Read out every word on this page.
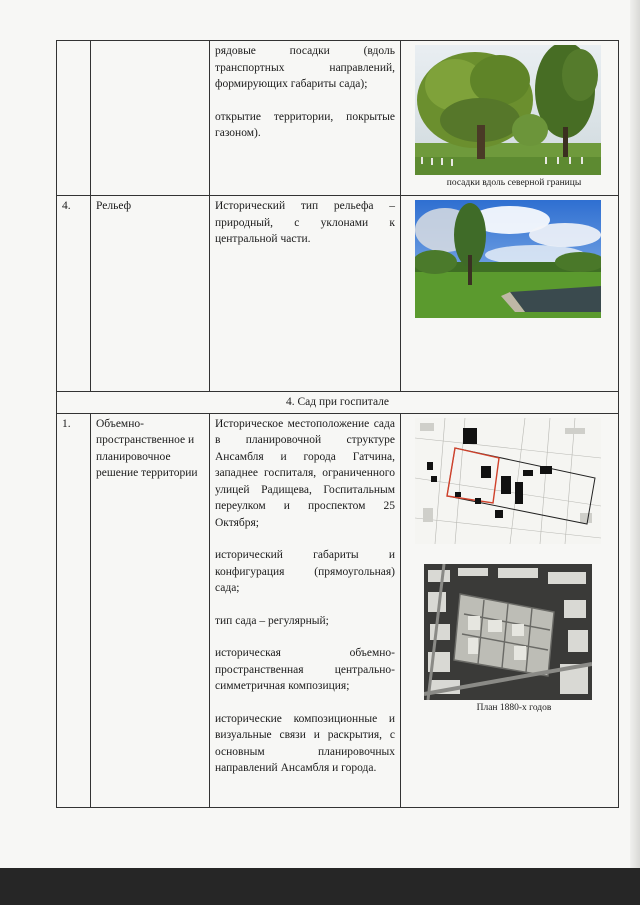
		рядовые посадки (вдоль транспортных направлений, формирующих габариты сада);

открытие территории, покрытые газоном).	посадки вдоль северной границы

4.	Рельеф	Исторический тип рельефа – природный, с уклонами к центральной части.	

4. Сад при госпитале			
1.	Объемно-пространственное и планировочное решение территории	Историческое местоположение сада в планировочной структуре Ансамбля и города Гатчина, западнее госпиталя, ограниченного улицей Радищева, Госпитальным переулком и проспектом 25 Октября;

исторический габариты и конфигурация (прямоугольная) сада;

тип сада – регулярный;

историческая объемно-пространственная центрально-симметричная композиция;

исторические композиционные и визуальные связи и раскрытия, с основным планировочных направлений Ансамбля и города.	План 1880-х годов
